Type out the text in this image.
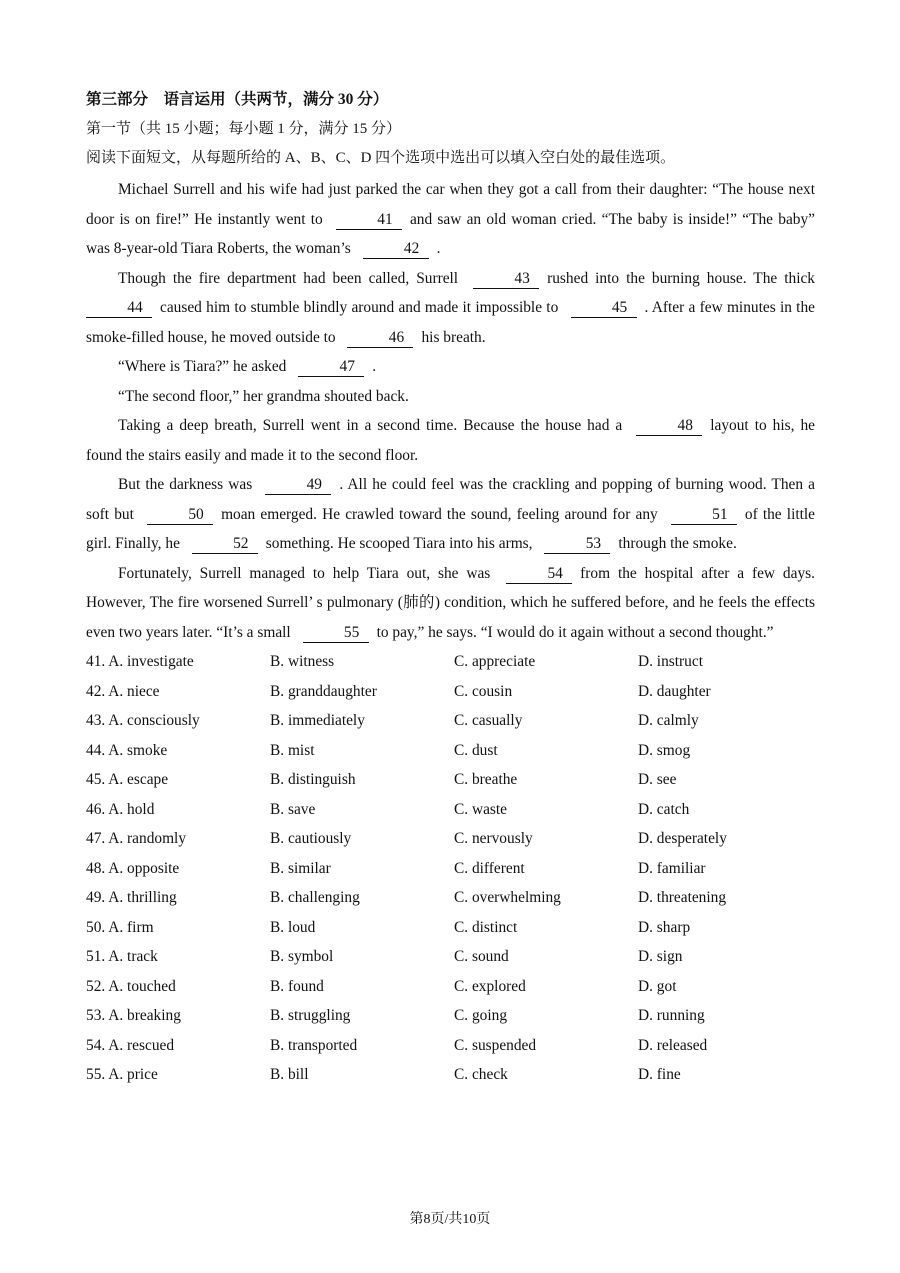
第三部分　语言运用（共两节，满分 30 分）
第一节（共 15 小题；每小题 1 分，满分 15 分）
阅读下面短文，从每题所给的 A、B、C、D 四个选项中选出可以填入空白处的最佳选项。

Michael Surrell and his wife had just parked the car when they got a call from their daughter: “The house next door is on fire!” He instantly went to	41 and saw an old woman cried. “The baby is inside!” “The baby” was 8-year-old Tiara Roberts, the woman’s	42 .

Though the fire department had been called, Surrell	43 rushed into the burning house. The thick 44 caused him to stumble blindly around and made it impossible to	45 . After a few minutes in the smoke-filled house, he moved outside to	46 his breath.

“Where is Tiara?” he asked	47 .

“The second floor,” her grandma shouted back.

Taking a deep breath, Surrell went in a second time. Because the house had a	48 layout to his, he found the stairs easily and made it to the second floor.

But the darkness was	49 . All he could feel was the crackling and popping of burning wood. Then a soft but	50 moan emerged. He crawled toward the sound, feeling around for any	51 of the little girl. Finally, he	52 something. He scooped Tiara into his arms,	53 through the smoke.

Fortunately, Surrell managed to help Tiara out, she was	54 from the hospital after a few days. However, The fire worsened Surrell’ s pulmonary (肺的) condition, which he suffered before, and he feels the effects even two years later. “It’s a small	55 to pay,” he says. “I would do it again without a second thought.”

41. A. investigate	B. witness	C. appreciate	D. instruct
42. A. niece	B. granddaughter	C. cousin	D. daughter
43. A. consciously	B. immediately	C. casually	D. calmly
44. A. smoke	B. mist	C. dust	D. smog
45. A. escape	B. distinguish	C. breathe	D. see
46. A. hold	B. save	C. waste	D. catch
47. A. randomly	B. cautiously	C. nervously	D. desperately
48. A. opposite	B. similar	C. different	D. familiar
49. A. thrilling	B. challenging	C. overwhelming	D. threatening
50. A. firm	B. loud	C. distinct	D. sharp
51. A. track	B. symbol	C. sound	D. sign
52. A. touched	B. found	C. explored	D. got
53. A. breaking	B. struggling	C. going	D. running
54. A. rescued	B. transported	C. suspended	D. released
55. A. price	B. bill	C. check	D. fine
第8页/共10页
